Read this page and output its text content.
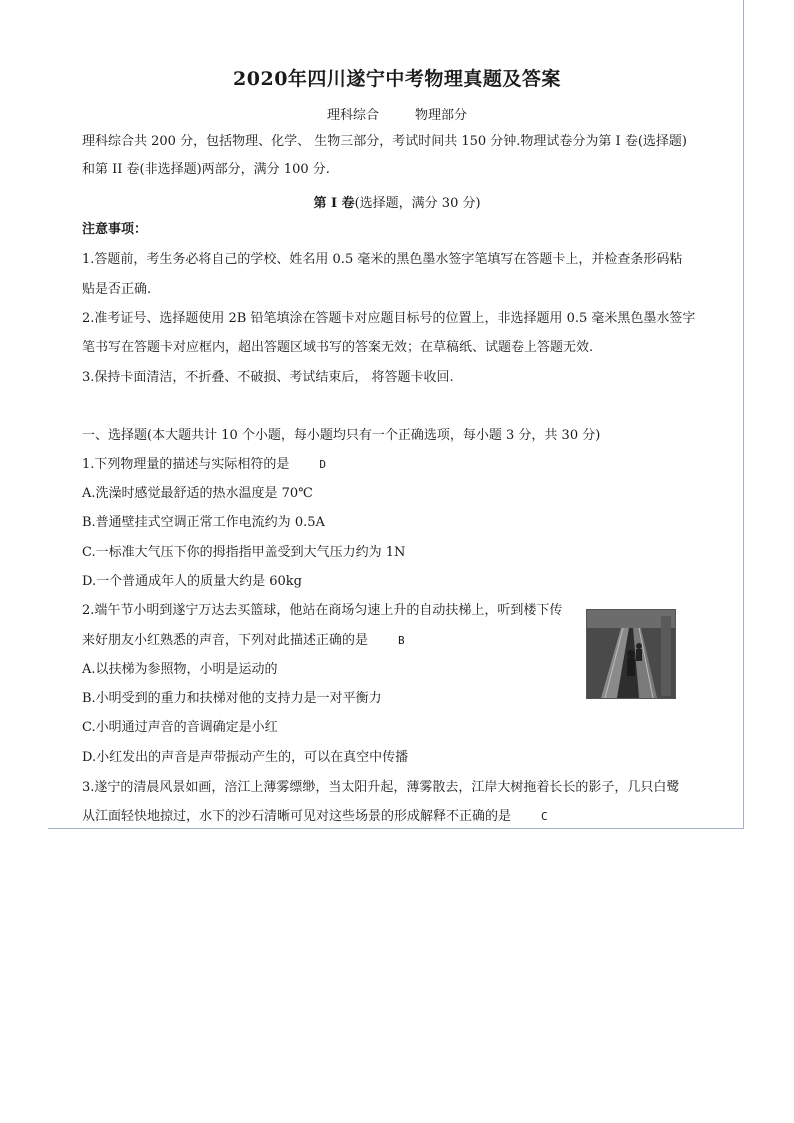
2020年四川遂宁中考物理真题及答案
理科综合	物理部分
理科综合共 200 分，包括物理、化学、 生物三部分，考试时间共 150 分钟.物理试卷分为第 I 卷(选择题)
和第 II 卷(非选择题)两部分，满分 100 分.
第 I 卷(选择题，满分 30 分)
注意事项：
1.答题前，考生务必将自己的学校、姓名用 0.5 毫米的黑色墨水签字笔填写在答题卡上，并检查条形码粘
贴是否正确.
2.准考证号、选择题使用 2B 铅笔填涂在答题卡对应题目标号的位置上，非选择题用 0.5 毫米黑色墨水签字
笔书写在答题卡对应框内，超出答题区域书写的答案无效；在草稿纸、试题卷上答题无效.
3.保持卡面清洁，不折叠、不破损、考试结束后， 将答题卡收回.
一、选择题(本大题共计 10 个小题，每小题均只有一个正确选项，每小题 3 分，共 30 分)
1.下列物理量的描述与实际相符的是	D
A.洗澡时感觉最舒适的热水温度是 70℃
B.普通壁挂式空调正常工作电流约为 0.5A
C.一标准大气压下你的拇指指甲盖受到大气压力约为 1N
D.一个普通成年人的质量大约是 60kg
2.端午节小明到遂宁万达去买篮球，他站在商场匀速上升的自动扶梯上，听到楼下传
来好朋友小红熟悉的声音，下列对此描述正确的是	B
A.以扶梯为参照物，小明是运动的
B.小明受到的重力和扶梯对他的支持力是一对平衡力
C.小明通过声音的音调确定是小红
D.小红发出的声音是声带振动产生的，可以在真空中传播
3.遂宁的清晨风景如画，涪江上薄雾缥缈，当太阳升起，薄雾散去，江岸大树拖着长长的影子，几只白鹭
从江面轻快地掠过，水下的沙石清晰可见对这些场景的形成解释不正确的是	C
